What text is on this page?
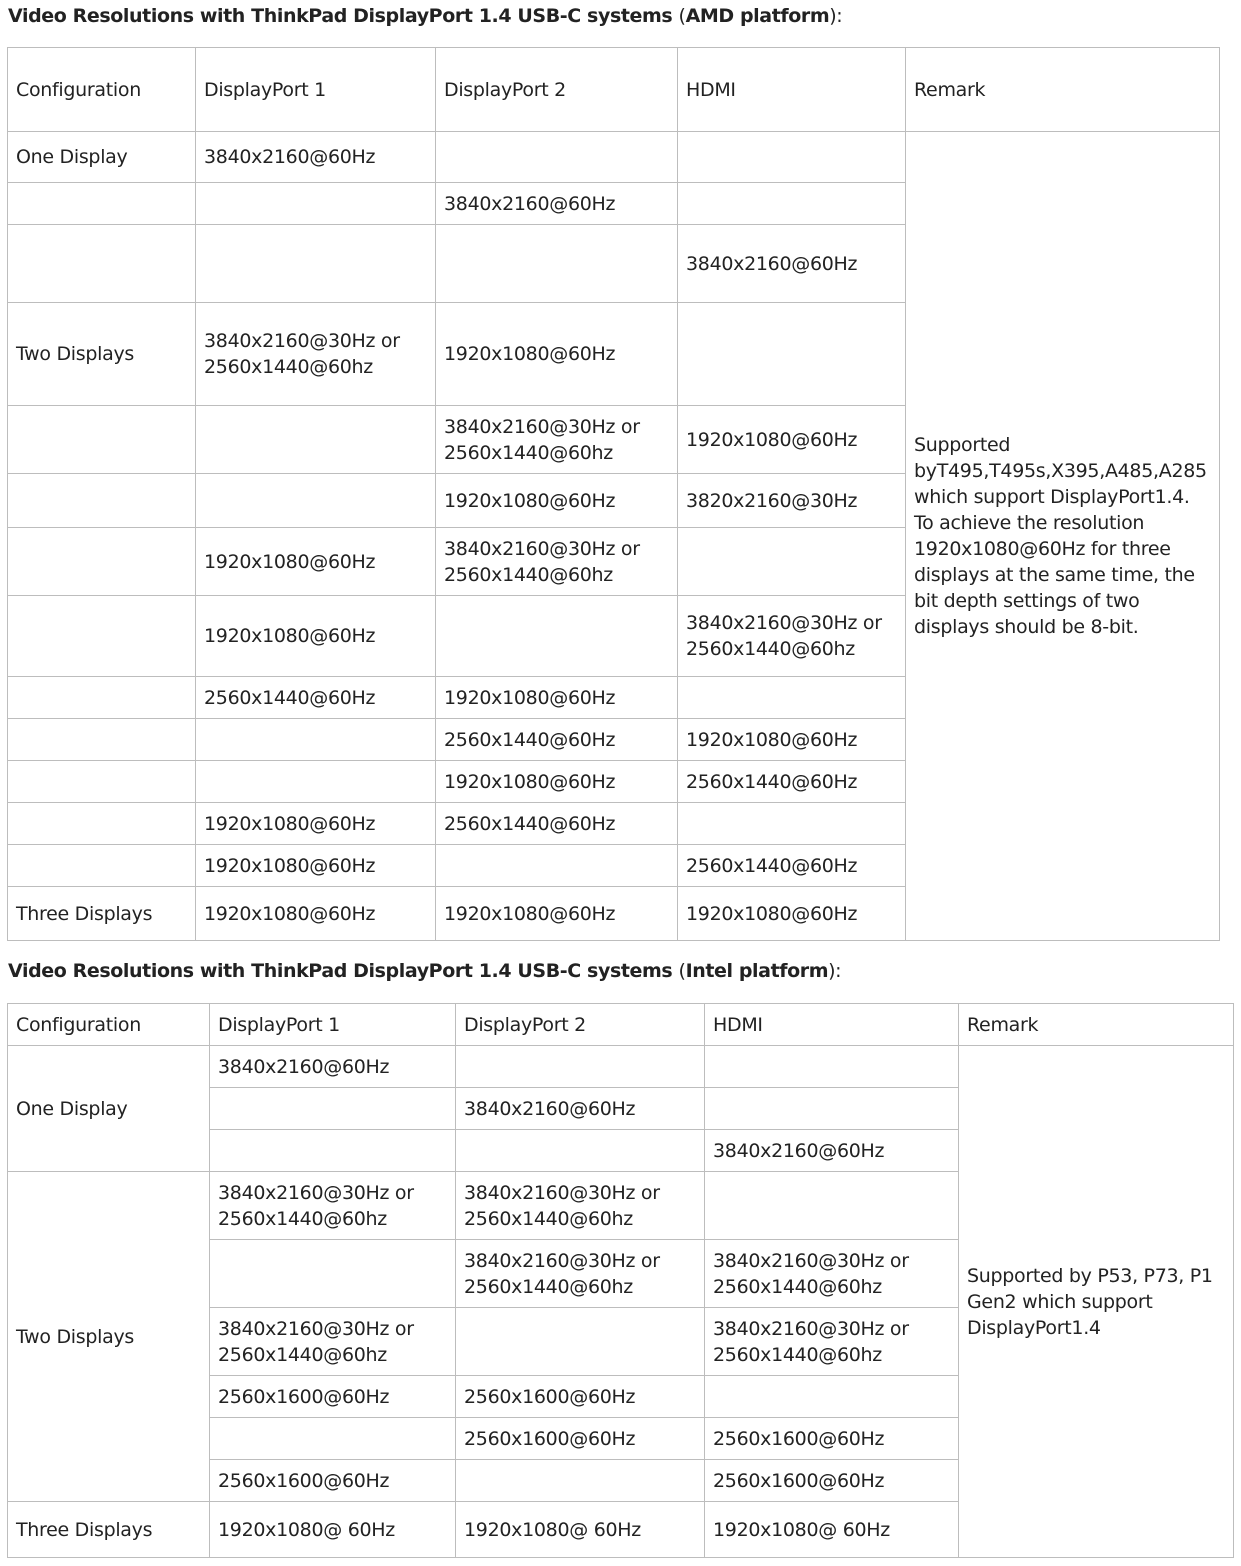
Video Resolutions with ThinkPad DisplayPort 1.4 USB-C systems (AMD platform):
Configuration	DisplayPort 1	DisplayPort 2	HDMI	Remark
One Display	3840x2160@60Hz			Supported byT495,T495s,X395,A485,A285 which support DisplayPort1.4. To achieve the resolution 1920x1080@60Hz for three displays at the same time, the bit depth settings of two displays should be 8-bit.
		3840x2160@60Hz		
			3840x2160@60Hz	
Two Displays	3840x2160@30Hz or 2560x1440@60hz	1920x1080@60Hz		
		3840x2160@30Hz or 2560x1440@60hz	1920x1080@60Hz	
		1920x1080@60Hz	3820x2160@30Hz	
	1920x1080@60Hz	3840x2160@30Hz or 2560x1440@60hz		
	1920x1080@60Hz		3840x2160@30Hz or 2560x1440@60hz	
	2560x1440@60Hz	1920x1080@60Hz		
		2560x1440@60Hz	1920x1080@60Hz	
		1920x1080@60Hz	2560x1440@60Hz	
	1920x1080@60Hz	2560x1440@60Hz		
	1920x1080@60Hz		2560x1440@60Hz	
Three Displays	1920x1080@60Hz	1920x1080@60Hz	1920x1080@60Hz	
Video Resolutions with ThinkPad DisplayPort 1.4 USB-C systems (Intel platform):
Configuration	DisplayPort 1	DisplayPort 2	HDMI	Remark
One Display	3840x2160@60Hz			Supported by P53, P73, P1 Gen2 which support DisplayPort1.4
		3840x2160@60Hz		
			3840x2160@60Hz	
Two Displays	3840x2160@30Hz or 2560x1440@60hz	3840x2160@30Hz or 2560x1440@60hz		
		3840x2160@30Hz or 2560x1440@60hz	3840x2160@30Hz or 2560x1440@60hz	
	3840x2160@30Hz or 2560x1440@60hz		3840x2160@30Hz or 2560x1440@60hz	
	2560x1600@60Hz	2560x1600@60Hz		
		2560x1600@60Hz	2560x1600@60Hz	
	2560x1600@60Hz		2560x1600@60Hz	
Three Displays	1920x1080@ 60Hz	1920x1080@ 60Hz	1920x1080@ 60Hz	
